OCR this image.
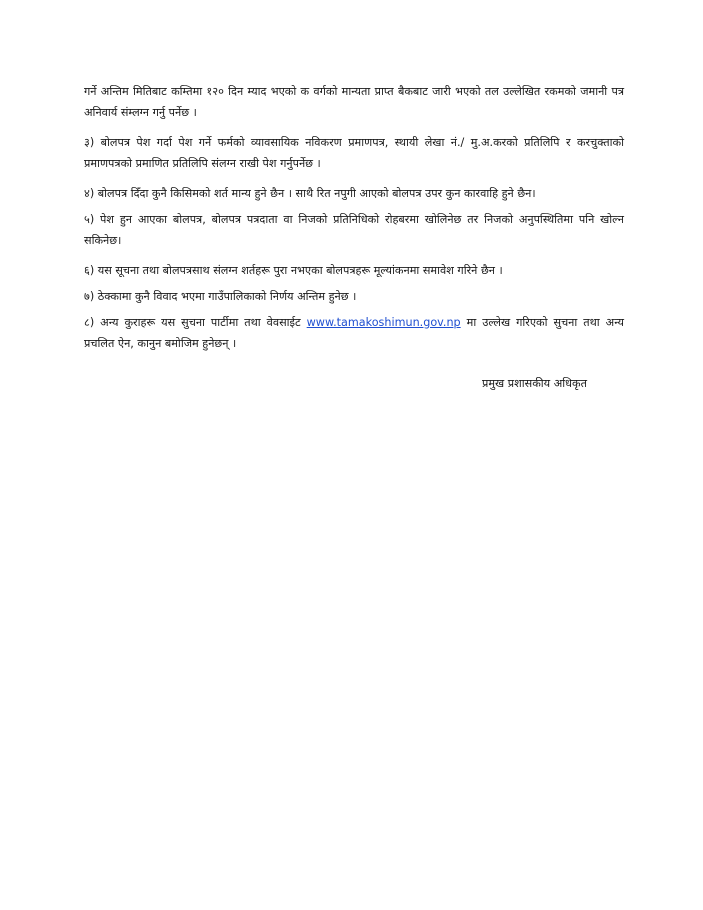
गर्ने अन्तिम मितिबाट कम्तिमा १२० दिन म्याद भएको क वर्गको मान्यता प्राप्त बैकबाट जारी भएको तल उल्लेखित रकमको जमानी पत्र अनिवार्य संम्लग्न गर्नु पर्नेछ ।

३) बोलपत्र पेश गर्दा पेश गर्ने फर्मको व्यावसायिक नविकरण प्रमाणपत्र, स्थायी लेखा नं./ मु.अ.करको प्रतिलिपि र करचुक्ताको प्रमाणपत्रको प्रमाणित प्रतिलिपि संलग्न राखी पेश गर्नुपर्नेछ ।

४) बोलपत्र दिँदा कुनै किसिमको शर्त मान्य हुने छैन । साथै रित नपुगी आएको बोलपत्र उपर कुन कारवाहि हुने छैन।

५) पेश हुन आएका बोलपत्र, बोलपत्र पत्रदाता वा निजको प्रतिनिधिको रोहबरमा खोलिनेछ तर निजको अनुपस्थितिमा पनि खोल्न सकिनेछ।

६) यस सूचना तथा बोलपत्रसाथ संलग्न शर्तहरू पुरा नभएका बोलपत्रहरू मूल्यांकनमा समावेश गरिने छैन ।

७) ठेक्कामा कुनै विवाद भएमा गाउँपालिकाको निर्णय अन्तिम हुनेछ ।

८) अन्य कुराहरू यस सुचना पार्टीमा तथा वेवसाईट www.tamakoshimun.gov.np मा उल्लेख गरिएको सुचना तथा अन्य प्रचलित ऐन, कानुन बमोजिम हुनेछन् ।

प्रमुख प्रशासकीय अधिकृत
